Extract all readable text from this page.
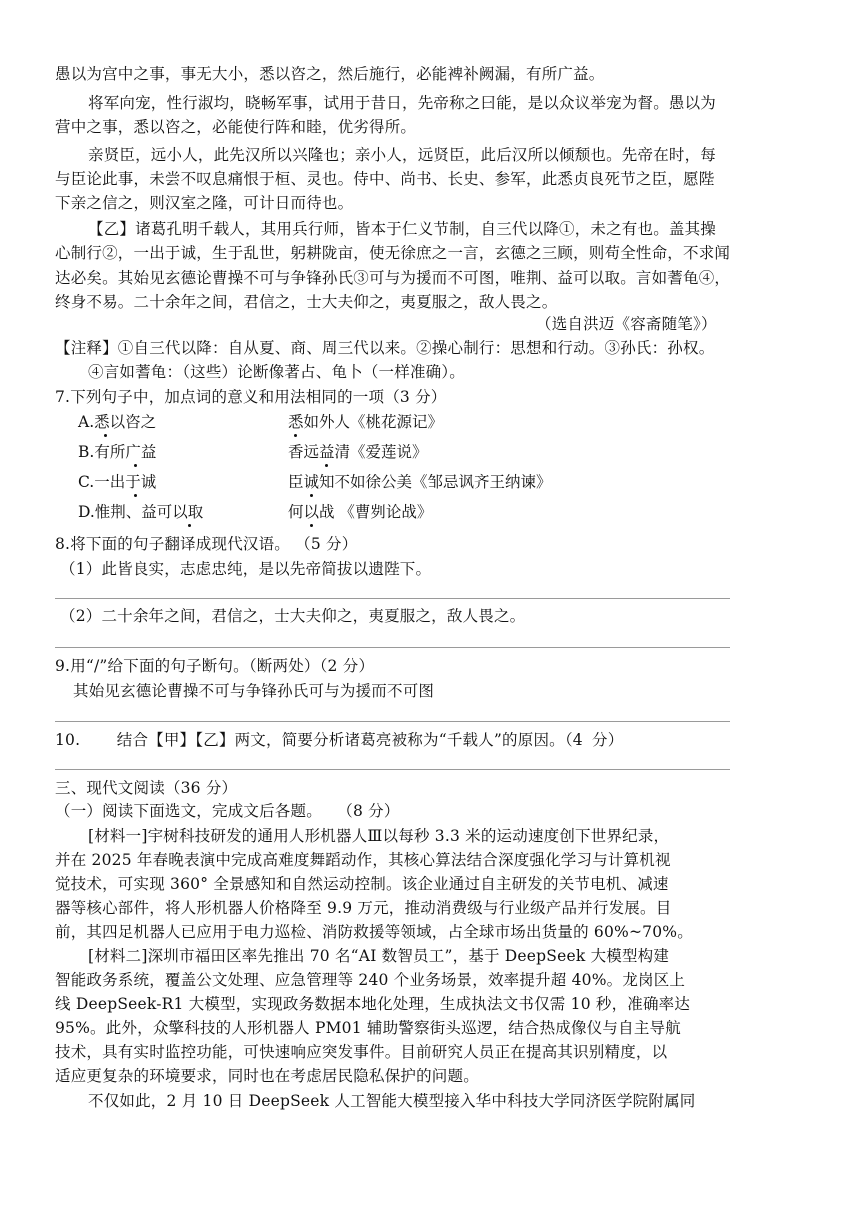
愚以为宫中之事，事无大小，悉以咨之，然后施行，必能裨补阙漏，有所广益。
将军向宠，性行淑均，晓畅军事，试用于昔日，先帝称之曰能，是以众议举宠为督。愚以为
营中之事，悉以咨之，必能使行阵和睦，优劣得所。
亲贤臣，远小人，此先汉所以兴隆也；亲小人，远贤臣，此后汉所以倾颓也。先帝在时，每
与臣论此事，未尝不叹息痛恨于桓、灵也。侍中、尚书、长史、参军，此悉贞良死节之臣，愿陛
下亲之信之，则汉室之隆，可计日而待也。
【乙】诸葛孔明千载人，其用兵行师，皆本于仁义节制，自三代以降①，未之有也。盖其操
心制行②，一出于诚，生于乱世，躬耕陇亩，使无徐庶之一言，玄德之三顾，则苟全性命，不求闻
达必矣。其始见玄德论曹操不可与争锋孙氏③可与为援而不可图，唯荆、益可以取。言如蓍龟④，
终身不易。二十余年之间，君信之，士大夫仰之，夷夏服之，敌人畏之。
（选自洪迈《容斋随笔》）
【注释】①自三代以降：自从夏、商、周三代以来。②操心制行：思想和行动。③孙氏：孙权。
④言如蓍龟：（这些）论断像著占、龟卜（一样准确）。
7.下列句子中，加点词的意义和用法相同的一项（3 分）
A.悉以咨之	悉如外人《桃花源记》
B.有所广益	香远益清《爱莲说》
C.一出于诚	臣诚知不如徐公美《邹忌讽齐王纳谏》
D.惟荆、益可以取	何以战 《曹刿论战》
8.将下面的句子翻译成现代汉语。 （5 分）
（1）此皆良实，志虑忠纯，是以先帝简拔以遗陛下。
（2）二十余年之间，君信之，士大夫仰之，夷夏服之，敌人畏之。
9.用“/”给下面的句子断句。（断两处）（2 分）
其始见玄德论曹操不可与争锋孙氏可与为援而不可图
10.    结合【甲】【乙】两文，简要分析诸葛亮被称为“千载人”的原因。（4 分）
三、现代文阅读（36 分）
（一）阅读下面选文，完成文后各题。   （8 分）
[材料一]宇树科技研发的通用人形机器人Ⅲ以每秒 3.3 米的运动速度创下世界纪录，
并在 2025 年春晚表演中完成高难度舞蹈动作，其核心算法结合深度强化学习与计算机视
觉技术，可实现 360° 全景感知和自然运动控制。该企业通过自主研发的关节电机、减速
器等核心部件，将人形机器人价格降至 9.9 万元，推动消费级与行业级产品并行发展。目
前，其四足机器人已应用于电力巡检、消防救援等领域，占全球市场出货量的 60%~70%。
[材料二]深圳市福田区率先推出 70 名“AI 数智员工”，基于 DeepSeek 大模型构建
智能政务系统，覆盖公文处理、应急管理等 240 个业务场景，效率提升超 40%。龙岗区上
线 DeepSeek-R1 大模型，实现政务数据本地化处理，生成执法文书仅需 10 秒，准确率达
95%。此外，众擎科技的人形机器人 PM01 辅助警察街头巡逻，结合热成像仪与自主导航
技术，具有实时监控功能，可快速响应突发事件。目前研究人员正在提高其识别精度，以
适应更复杂的环境要求，同时也在考虑居民隐私保护的问题。
不仅如此，2 月 10 日 DeepSeek 人工智能大模型接入华中科技大学同济医学院附属同
